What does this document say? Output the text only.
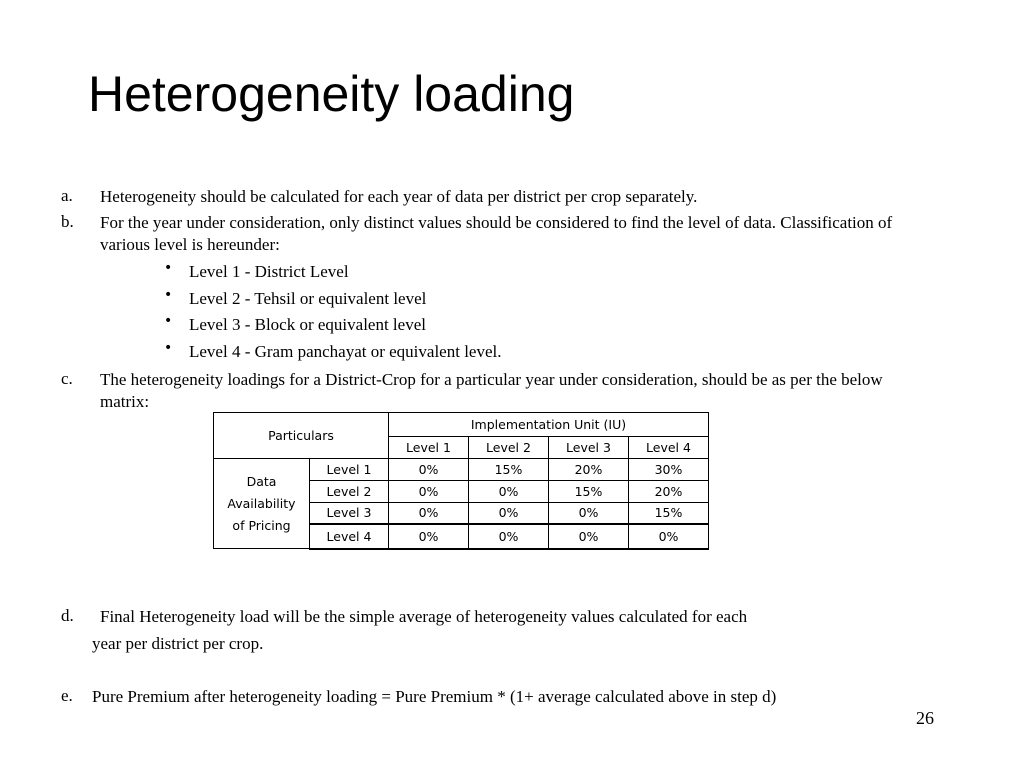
Heterogeneity loading
a. Heterogeneity should be calculated for each year of data per district per crop separately.
b. For the year under consideration, only distinct values should be considered to find the level of data. Classification of
various level is hereunder:
• Level 1 - District Level
• Level 2 - Tehsil or equivalent level
• Level 3 - Block or equivalent level
• Level 4 - Gram panchayat or equivalent level.
c. The heterogeneity loadings for a District-Crop for a particular year under consideration, should be as per the below
matrix:
Particulars		Implementation Unit (IU)			
		Level 1	Level 2	Level 3	Level 4

Data
Availability
of Pricing	Level 1	0%	15%	20%	30%
	Level 2	0%	0%	15%	20%
	Level 3	0%	0%	0%	15%
	Level 4	0%	0%	0%	0%
d. Final Heterogeneity load will be the simple average of heterogeneity values calculated for each
year per district per crop.
e. Pure Premium after heterogeneity loading = Pure Premium * (1+ average calculated above in step d)
26
